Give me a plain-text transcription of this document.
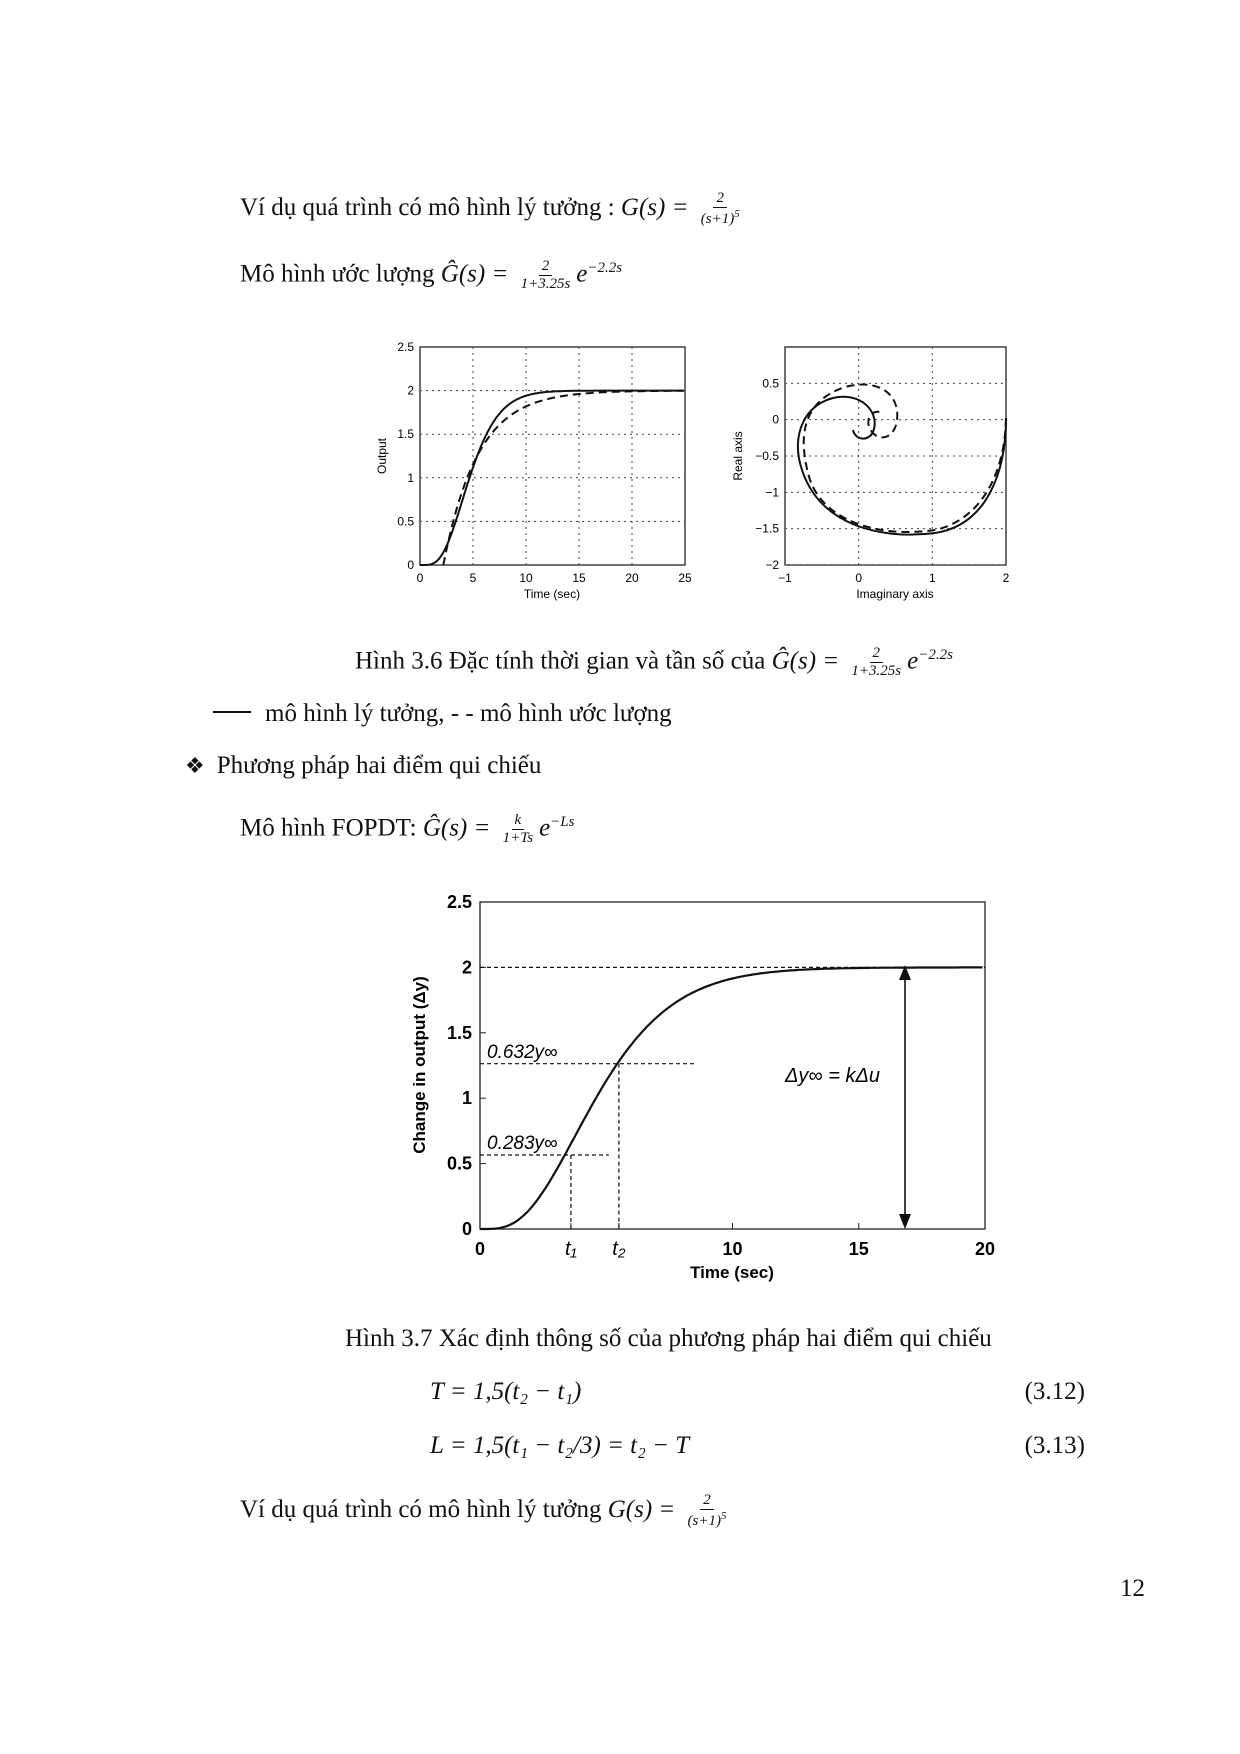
Ví dụ quá trình có mô hình lý tưởng : $G(s) = \frac{2}{(s+1)^5}$
Mô hình ước lượng Ĝ(s) = $\frac{2}{1+3.25s} e^{-2.2s}$
0	5	10	15	20	25
0
0.5
1
1.5
2
2.5
Time (sec)
Output
−1	0	1	2
−2
−1.5
−1
−0.5
0
0.5
Imaginary axis
Real axis
Hình 3.6 Đặc tính thời gian và tần số của Ĝ(s) = $\frac{2}{1+3.25s} e^{-2.2s}$
mô hình lý tưởng, - - mô hình ước lượng
❖ Phương pháp hai điểm qui chiếu
Mô hình FOPDT: Ĝ(s) = $\frac{k}{1+Ts} e^{-Ls}$
0	t₁ t₂	10	15	20
0
0.5
1
1.5
2
2.5
Δy∞ = kΔu
0.632y∞
0.283y∞
Time (sec)
Change in output (Δy)
Hình 3.7 Xác định thông số của phương pháp hai điểm qui chiếu
T = 1,5(t₂ − t₁)	(3.12)
L = 1,5(t₁ − t₂/3) = t₂ − T	(3.13)
Ví dụ quá trình có mô hình lý tưởng $G(s) = \frac{2}{(s+1)^5}$
12
